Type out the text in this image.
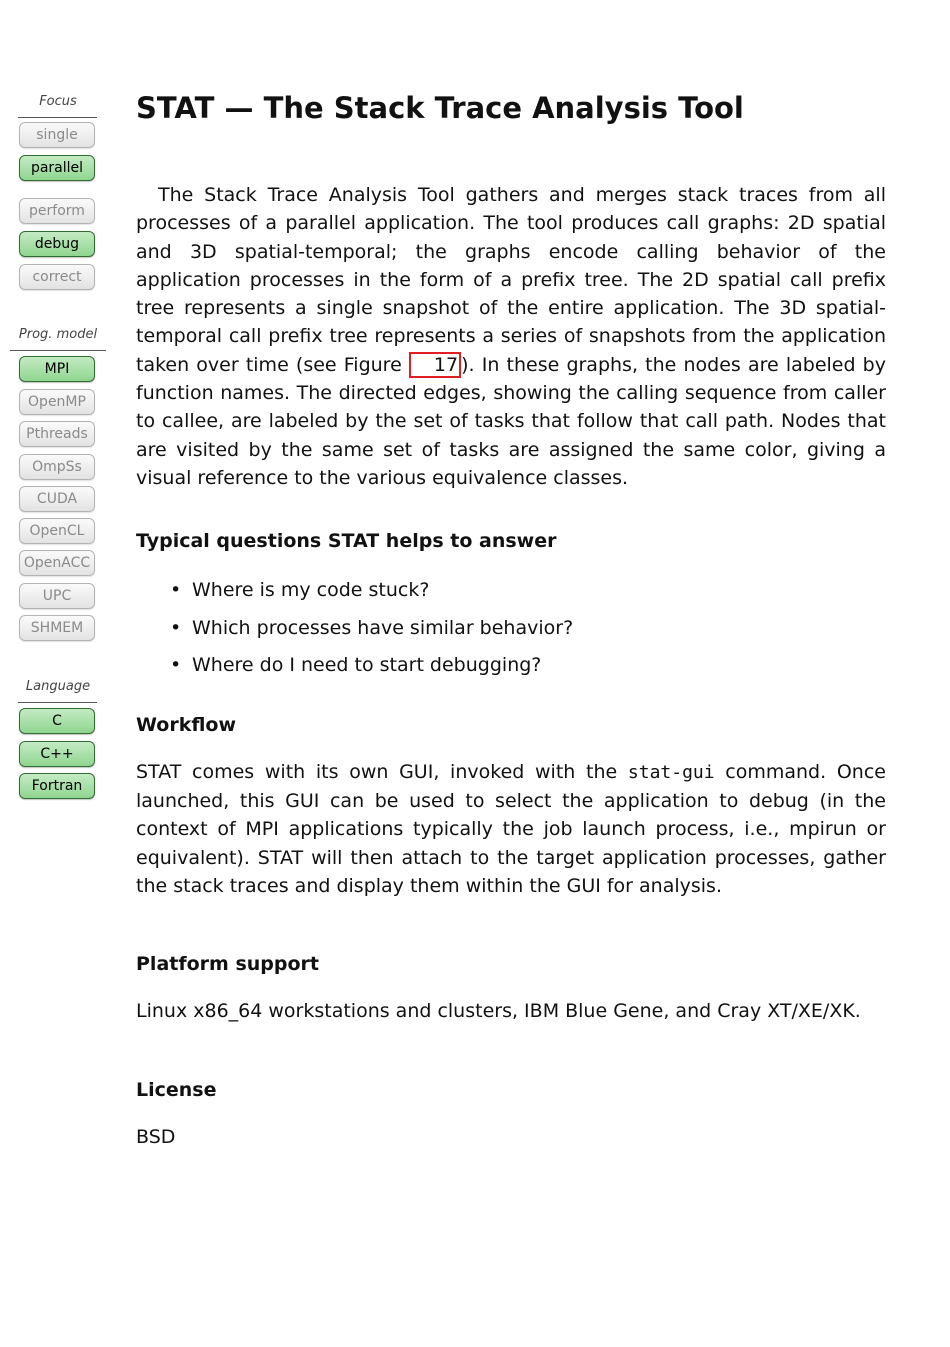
Focus
single
parallel
perform
debug
correct
Prog. model
MPI
OpenMP
Pthreads
OmpSs
CUDA
OpenCL
OpenACC
UPC
SHMEM
Language
C
C++
Fortran
STAT — The Stack Trace Analysis Tool

The Stack Trace Analysis Tool gathers and merges stack traces from all processes of a parallel application. The tool produces call graphs: 2D spatial and 3D spatial-temporal; the graphs encode calling behavior of the application processes in the form of a prefix tree. The 2D spatial call prefix tree represents a single snapshot of the entire application. The 3D spatial-temporal call prefix tree represents a series of snapshots from the application taken over time (see Figure 17 ). In these graphs, the nodes are labeled by function names. The directed edges, showing the calling sequence from caller to callee, are labeled by the set of tasks that follow that call path. Nodes that are visited by the same set of tasks are assigned the same color, giving a visual reference to the various equivalence classes.

Typical questions STAT helps to answer
• Where is my code stuck?
• Which processes have similar behavior?
• Where do I need to start debugging?
Workflow

STAT comes with its own GUI, invoked with the stat-gui command. Once launched, this GUI can be used to select the application to debug (in the context of MPI applications typically the job launch process, i.e., mpirun or equivalent). STAT will then attach to the target application processes, gather the stack traces and display them within the GUI for analysis.

Platform support

Linux x86_64 workstations and clusters, IBM Blue Gene, and Cray XT/XE/XK.

License

BSD
